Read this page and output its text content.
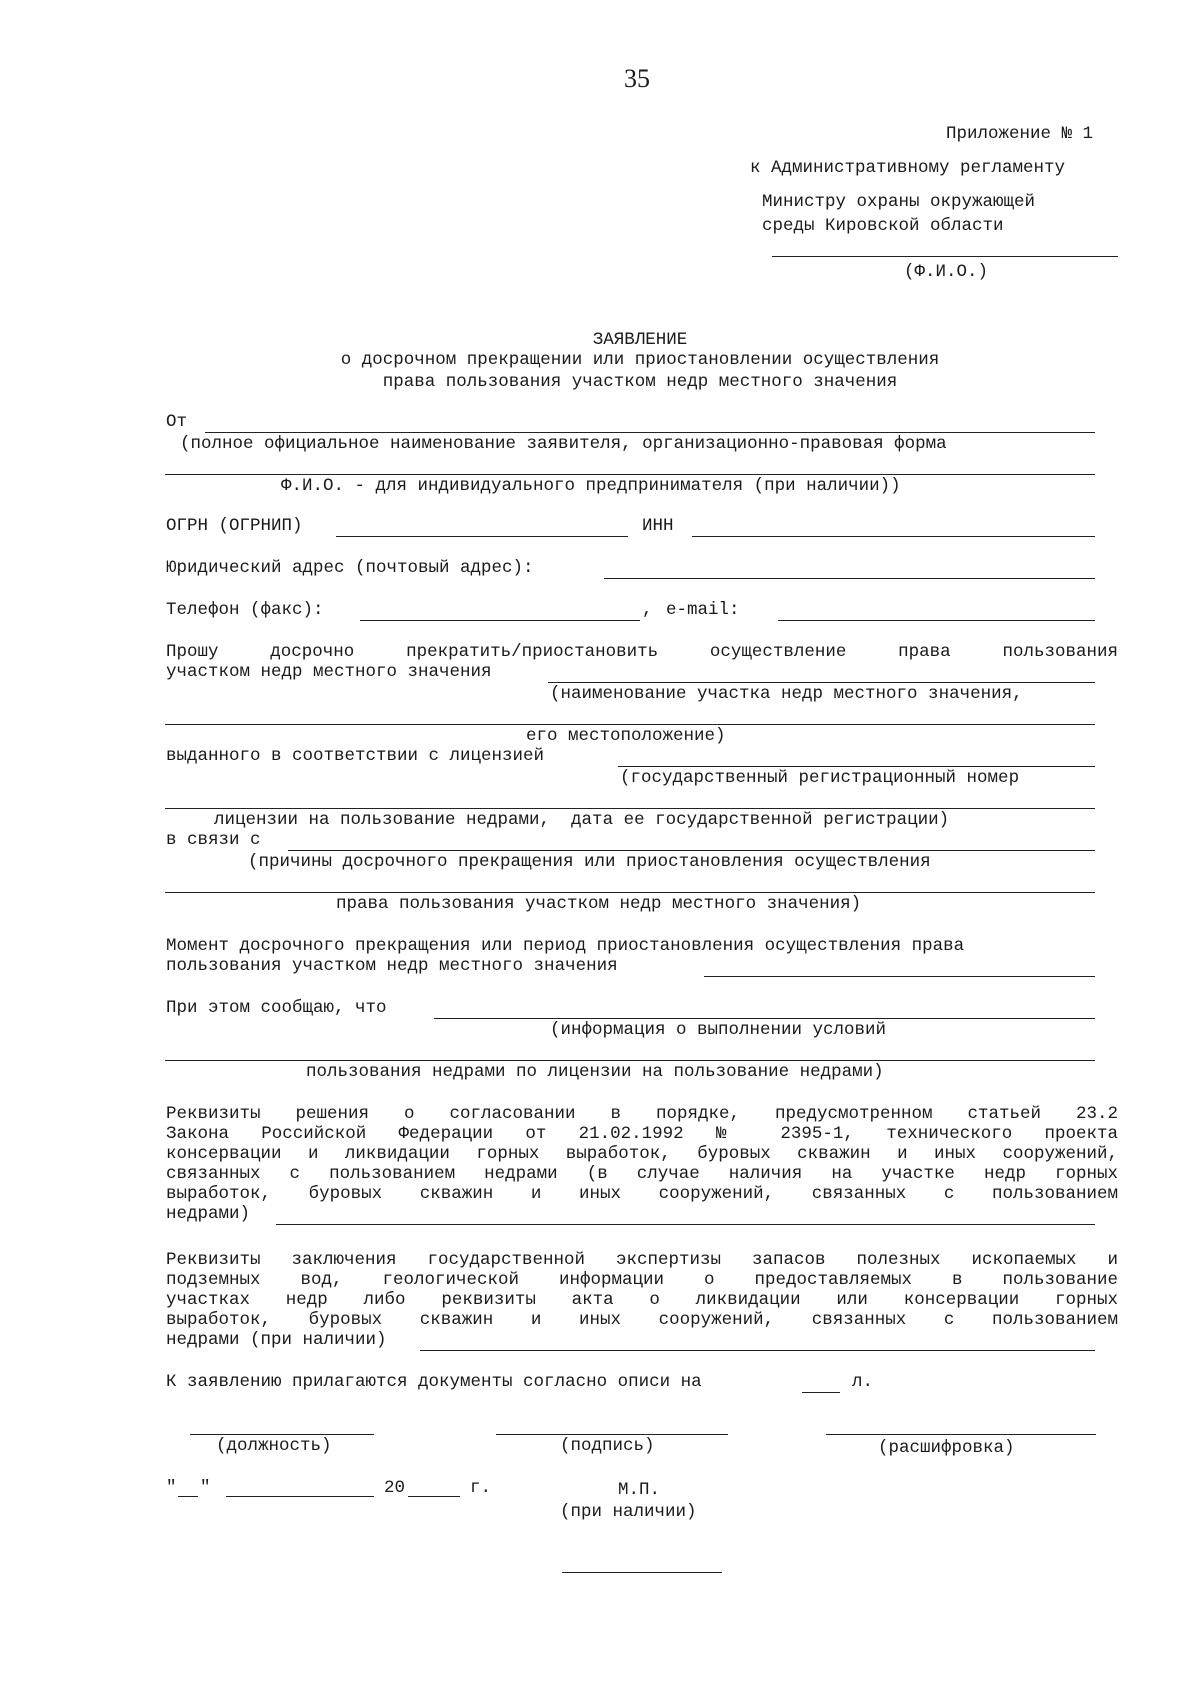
35
Приложение № 1
к Административному регламенту
Министру охраны окружающей
среды Кировской области
(Ф.И.О.)
ЗАЯВЛЕНИЕ
о досрочном прекращении или приостановлении осуществления
права пользования участком недр местного значения
От
(полное официальное наименование заявителя, организационно-правовая форма
Ф.И.О. - для индивидуального предпринимателя (при наличии))
ОГРН (ОГРНИП)	ИНН
Юридический адрес (почтовый адрес):
Телефон (факс):	, e-mail:
Прошу	досрочно	прекратить/приостановить	осуществление	права	пользования
участком недр местного значения
(наименование участка недр местного значения,
его местоположение)
выданного в соответствии с лицензией
(государственный регистрационный номер
лицензии на пользование недрами,  дата ее государственной регистрации)
в связи с
(причины досрочного прекращения или приостановления осуществления
права пользования участком недр местного значения)
Момент досрочного прекращения или период приостановления осуществления права
пользования участком недр местного значения
При этом сообщаю, что
(информация о выполнении условий
пользования недрами по лицензии на пользование недрами)
Реквизиты решения о согласовании в порядке, предусмотренном статьей 23.2
Закона Российской Федерации от 21.02.1992 № 2395-1, технического проекта
консервации и ликвидации горных выработок, буровых скважин и иных сооружений,
связанных с пользованием недрами (в случае наличия на участке недр горных
выработок, буровых скважин и иных сооружений, связанных с пользованием
недрами)
Реквизиты заключения государственной экспертизы запасов полезных ископаемых и
подземных вод, геологической информации о предоставляемых в пользование
участках недр либо реквизиты акта о ликвидации или консервации горных
выработок, буровых скважин и иных сооружений, связанных с пользованием
недрами (при наличии)
К заявлению прилагаются документы согласно описи на	л.
(должность)	(подпись)	(расшифровка)
" "	20	г.	М.П.
(при наличии)
